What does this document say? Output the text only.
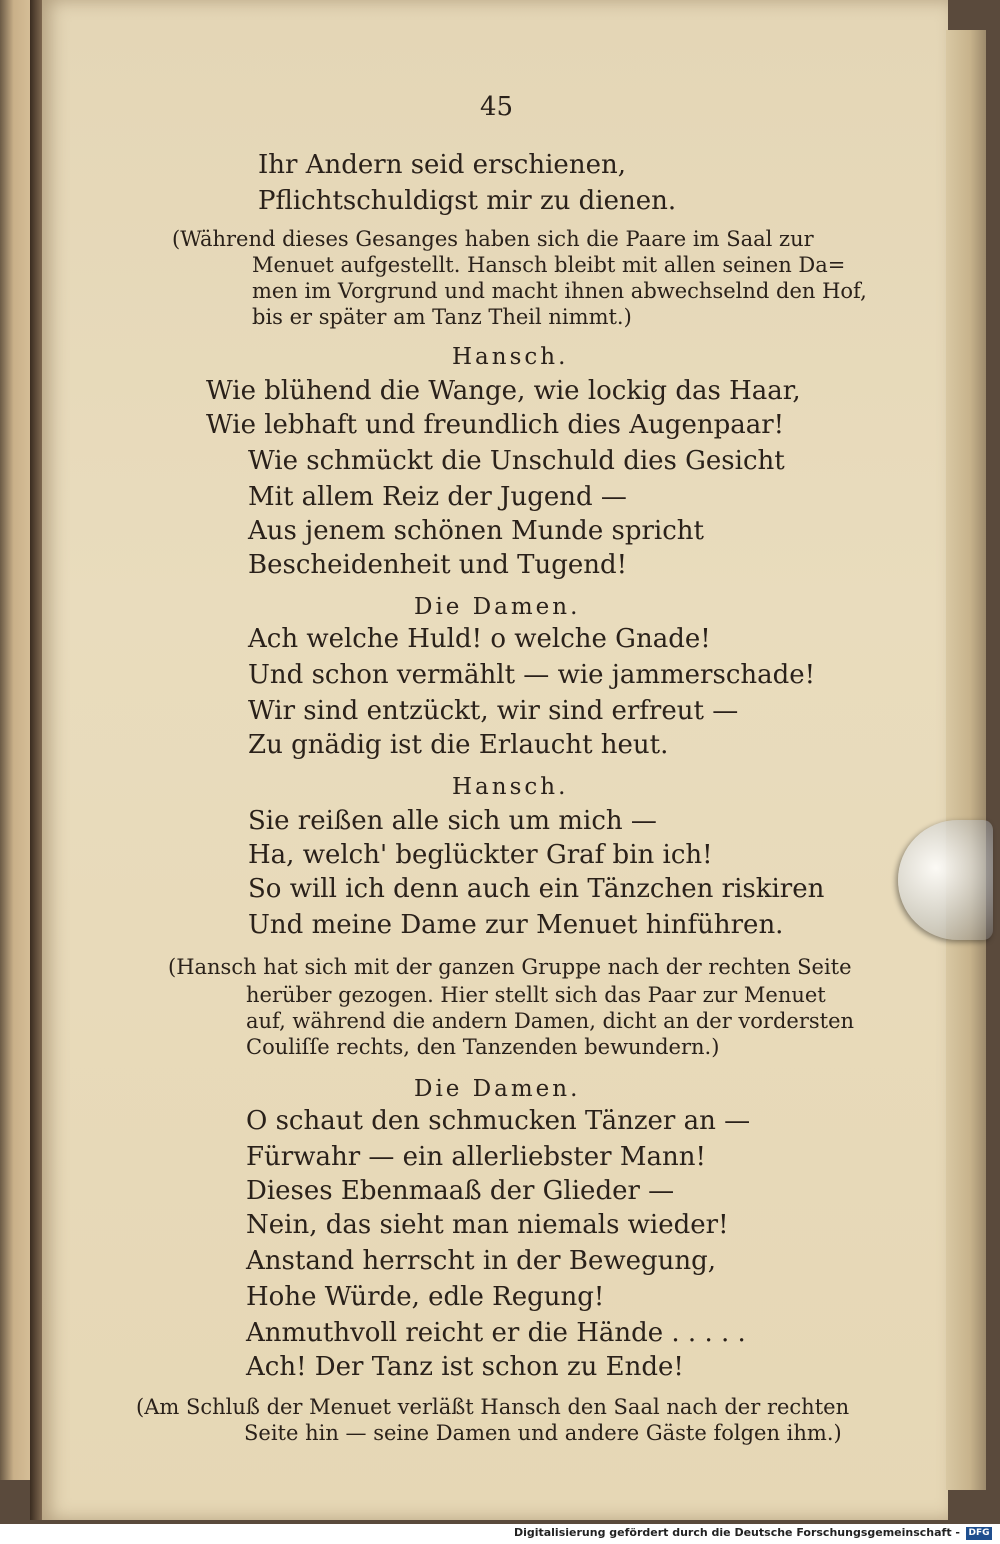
45
Ihr Andern seid erschienen,
Pflichtschuldigst mir zu dienen.
(Während dieses Gesanges haben sich die Paare im Saal zur
Menuet aufgestellt. Hansch bleibt mit allen seinen Da=
men im Vorgrund und macht ihnen abwechselnd den Hof,
bis er später am Tanz Theil nimmt.)
Hansch.
Wie blühend die Wange, wie lockig das Haar,
Wie lebhaft und freundlich dies Augenpaar!
Wie schmückt die Unschuld dies Gesicht
Mit allem Reiz der Jugend —
Aus jenem schönen Munde spricht
Bescheidenheit und Tugend!
Die Damen.
Ach welche Huld! o welche Gnade!
Und schon vermählt — wie jammerschade!
Wir sind entzückt, wir sind erfreut —
Zu gnädig ist die Erlaucht heut.
Hansch.
Sie reißen alle sich um mich —
Ha, welch' beglückter Graf bin ich!
So will ich denn auch ein Tänzchen riskiren
Und meine Dame zur Menuet hinführen.
(Hansch hat sich mit der ganzen Gruppe nach der rechten Seite
herüber gezogen. Hier stellt sich das Paar zur Menuet
auf, während die andern Damen, dicht an der vordersten
Couliſſe rechts, den Tanzenden bewundern.)
Die Damen.
O schaut den schmucken Tänzer an —
Fürwahr — ein allerliebster Mann!
Dieses Ebenmaaß der Glieder —
Nein, das sieht man niemals wieder!
Anstand herrscht in der Bewegung,
Hohe Würde, edle Regung!
Anmuthvoll reicht er die Hände . . . . .
Ach! Der Tanz ist schon zu Ende!
(Am Schluß der Menuet verläßt Hansch den Saal nach der rechten
Seite hin — seine Damen und andere Gäste folgen ihm.)
Digitalisierung gefördert durch die Deutsche Forschungsgemeinschaft - DFG
